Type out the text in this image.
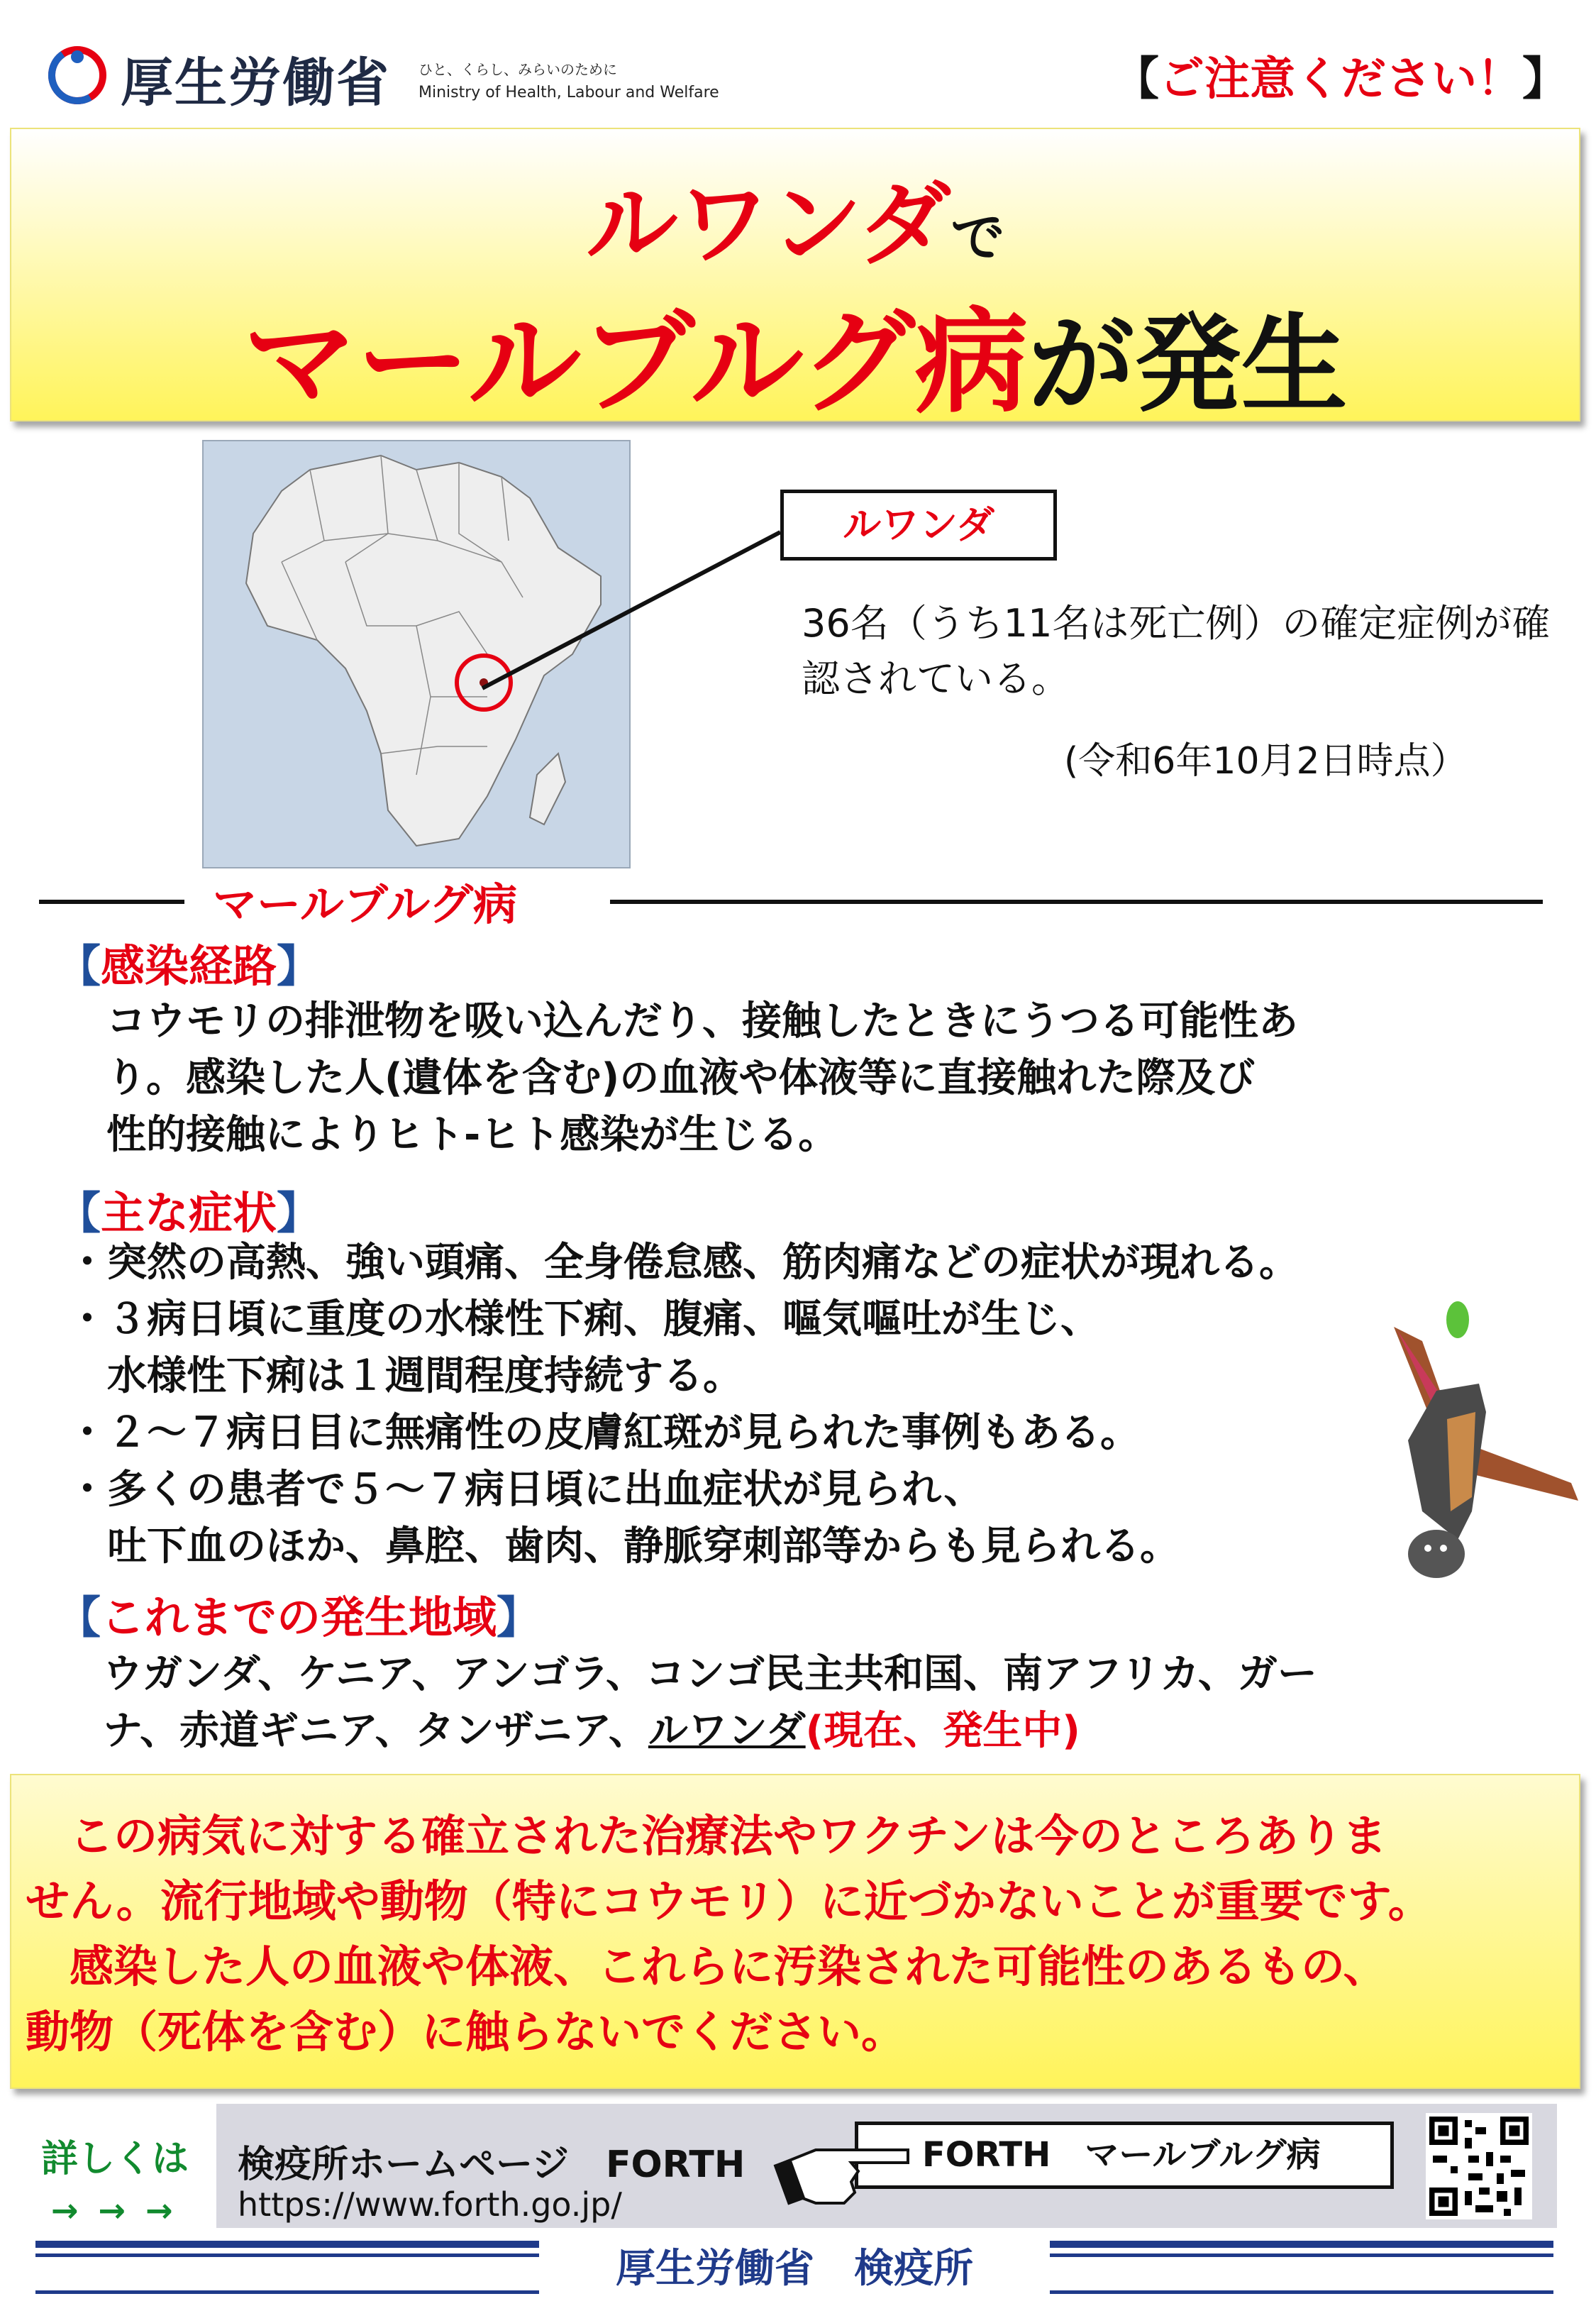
厚生労働省 ひと、くらし、みらいのために
Ministry of Health, Labour and Welfare	【ご注意ください！】
ルワンダで
マールブルグ病が発生
ルワンダ
36名（うち11名は死亡例）の確定症例が確認されている。
(令和6年10月2日時点）
マールブルグ病
【感染経路】
コウモリの排泄物を吸い込んだり、接触したときにうつる可能性あ
り。感染した人(遺体を含む)の血液や体液等に直接触れた際及び
性的接触によりヒト-ヒト感染が生じる。
【主な症状】
・突然の高熱、強い頭痛、全身倦怠感、筋肉痛などの症状が現れる。
・３病日頃に重度の水様性下痢、腹痛、嘔気嘔吐が生じ、
　水様性下痢は１週間程度持続する。
・２～７病日目に無痛性の皮膚紅斑が見られた事例もある。
・多くの患者で５～７病日頃に出血症状が見られ、
　吐下血のほか、鼻腔、歯肉、静脈穿刺部等からも見られる。
【これまでの発生地域】
ウガンダ、ケニア、アンゴラ、コンゴ民主共和国、南アフリカ、ガー
ナ、赤道ギニア、タンザニア、ルワンダ(現在、発生中)
　この病気に対する確立された治療法やワクチンは今のところありま
せん。流行地域や動物（特にコウモリ）に近づかないことが重要です。
　感染した人の血液や体液、これらに汚染された可能性のあるもの、
動物（死体を含む）に触らないでください。
詳しくは
→ → →
検疫所ホームページ　FORTH
https://www.forth.go.jp/
FORTH　マールブルグ病
厚生労働省　検疫所
